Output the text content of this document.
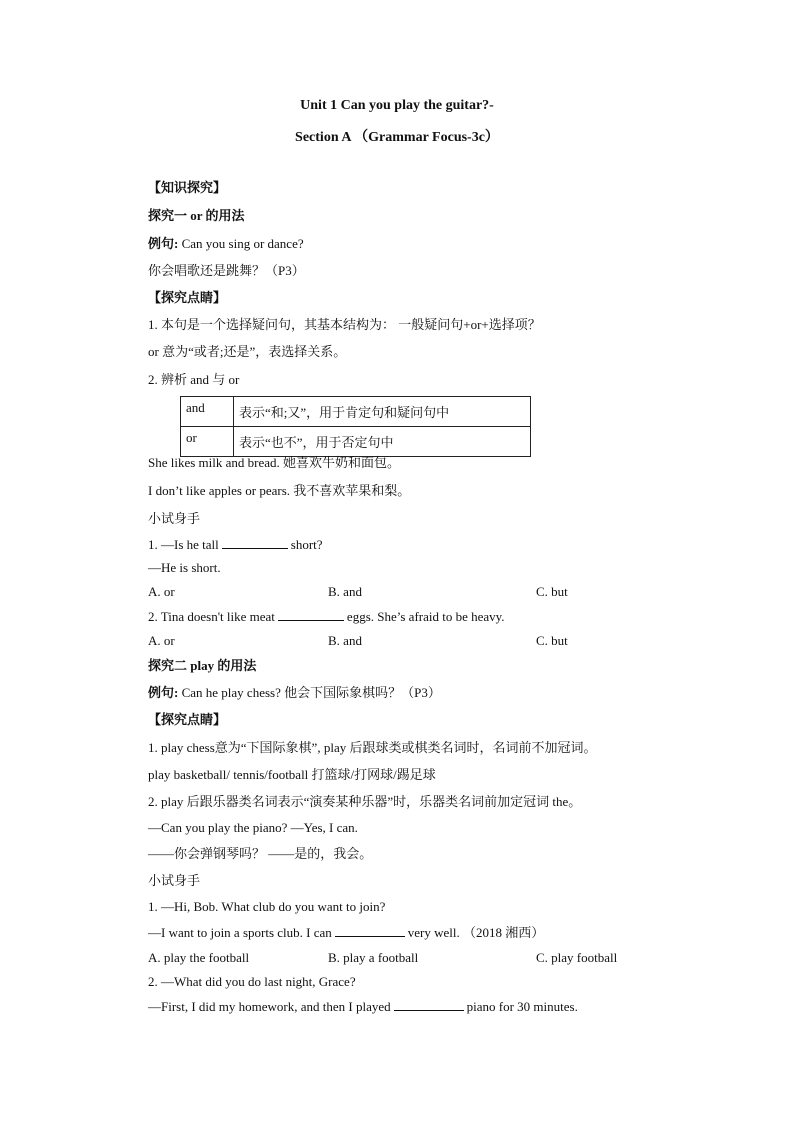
Unit 1 Can you play the guitar?-
Section A （Grammar Focus-3c）
【知识探究】
探究一 or 的用法
例句: Can you sing or dance?
你会唱歌还是跳舞？（P3）
【探究点睛】
1. 本句是一个选择疑问句，其基本结构为： 一般疑问句+or+选择项？
or 意为“或者;还是”，表选择关系。
2. 辨析 and 与 or
and	表示“和;又”，用于肯定句和疑问句中
or	表示“也不”，用于否定句中
She likes milk and bread. 她喜欢牛奶和面包。
I don’t like apples or pears. 我不喜欢苹果和梨。
小试身手
1. —Is he tall	short?
—He is short.
A. or	B. and	C. but
2. Tina doesn't like meat	eggs. She’s afraid to be heavy.
A. or	B. and	C. but
探究二 play 的用法
例句: Can he play chess? 他会下国际象棋吗？（P3）
【探究点睛】
1. play chess意为“下国际象棋”, play 后跟球类或棋类名词时，名词前不加冠词。
play basketball/ tennis/football 打篮球/打网球/踢足球
2. play 后跟乐器类名词表示“演奏某种乐器”时，乐器类名词前加定冠词 the。
—Can you play the piano? —Yes, I can.
——你会弹钢琴吗？ ——是的，我会。
小试身手
1. —Hi, Bob. What club do you want to join?
—I want to join a sports club. I can	very well. （2018 湘西）
A. play the football	B. play a football	C. play football
2. —What did you do last night, Grace?
—First, I did my homework, and then I played	piano for 30 minutes.
